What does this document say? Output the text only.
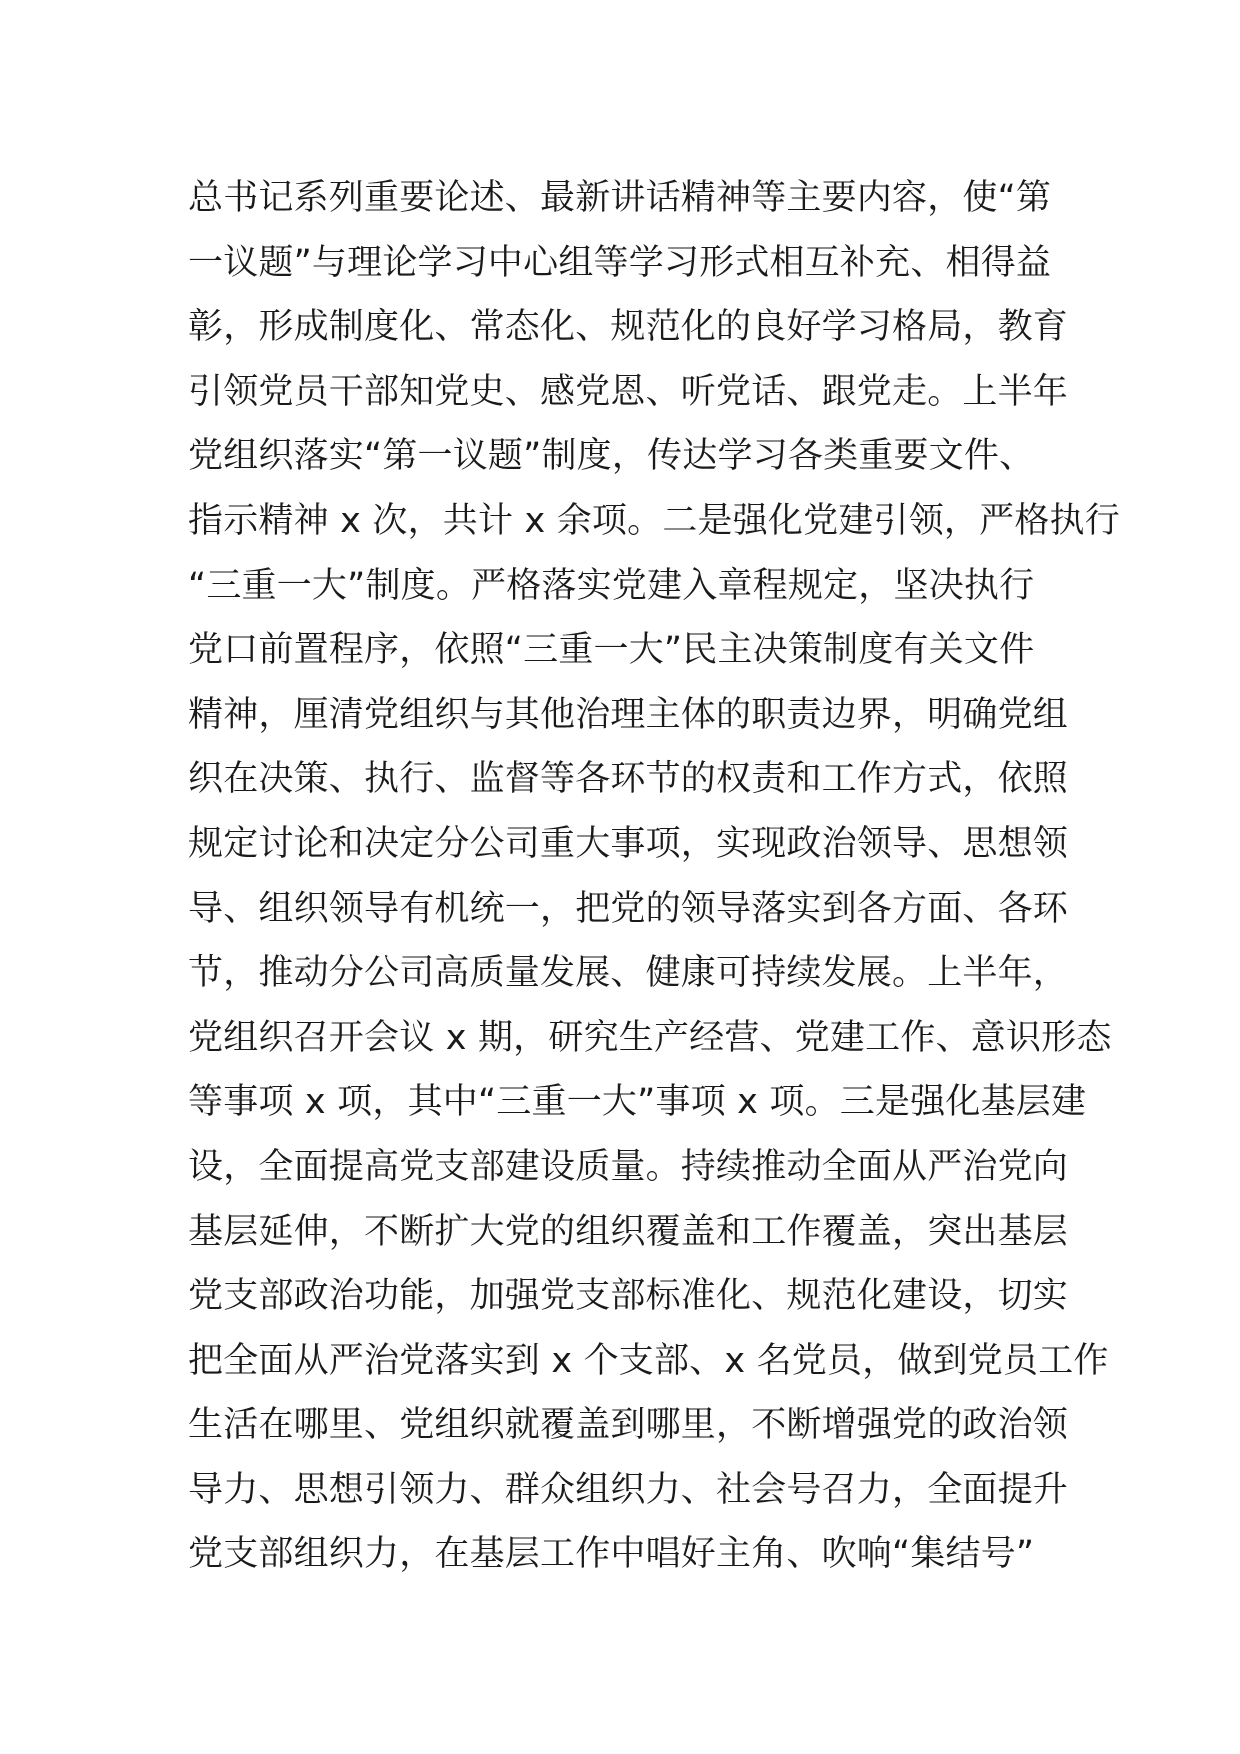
总书记系列重要论述、最新讲话精神等主要内容，使“第
一议题”与理论学习中心组等学习形式相互补充、相得益
彰，形成制度化、常态化、规范化的良好学习格局，教育
引领党员干部知党史、感党恩、听党话、跟党走。上半年
党组织落实“第一议题”制度，传达学习各类重要文件、
指示精神 x 次，共计 x 余项。二是强化党建引领，严格执行
“三重一大”制度。严格落实党建入章程规定，坚决执行
党口前置程序，依照“三重一大”民主决策制度有关文件
精神，厘清党组织与其他治理主体的职责边界，明确党组
织在决策、执行、监督等各环节的权责和工作方式，依照
规定讨论和决定分公司重大事项，实现政治领导、思想领
导、组织领导有机统一，把党的领导落实到各方面、各环
节，推动分公司高质量发展、健康可持续发展。上半年，
党组织召开会议 x 期，研究生产经营、党建工作、意识形态
等事项 x 项，其中“三重一大”事项 x 项。三是强化基层建
设，全面提高党支部建设质量。持续推动全面从严治党向
基层延伸，不断扩大党的组织覆盖和工作覆盖，突出基层
党支部政治功能，加强党支部标准化、规范化建设，切实
把全面从严治党落实到 x 个支部、x 名党员，做到党员工作
生活在哪里、党组织就覆盖到哪里，不断增强党的政治领
导力、思想引领力、群众组织力、社会号召力，全面提升
党支部组织力，在基层工作中唱好主角、吹响“集结号”
